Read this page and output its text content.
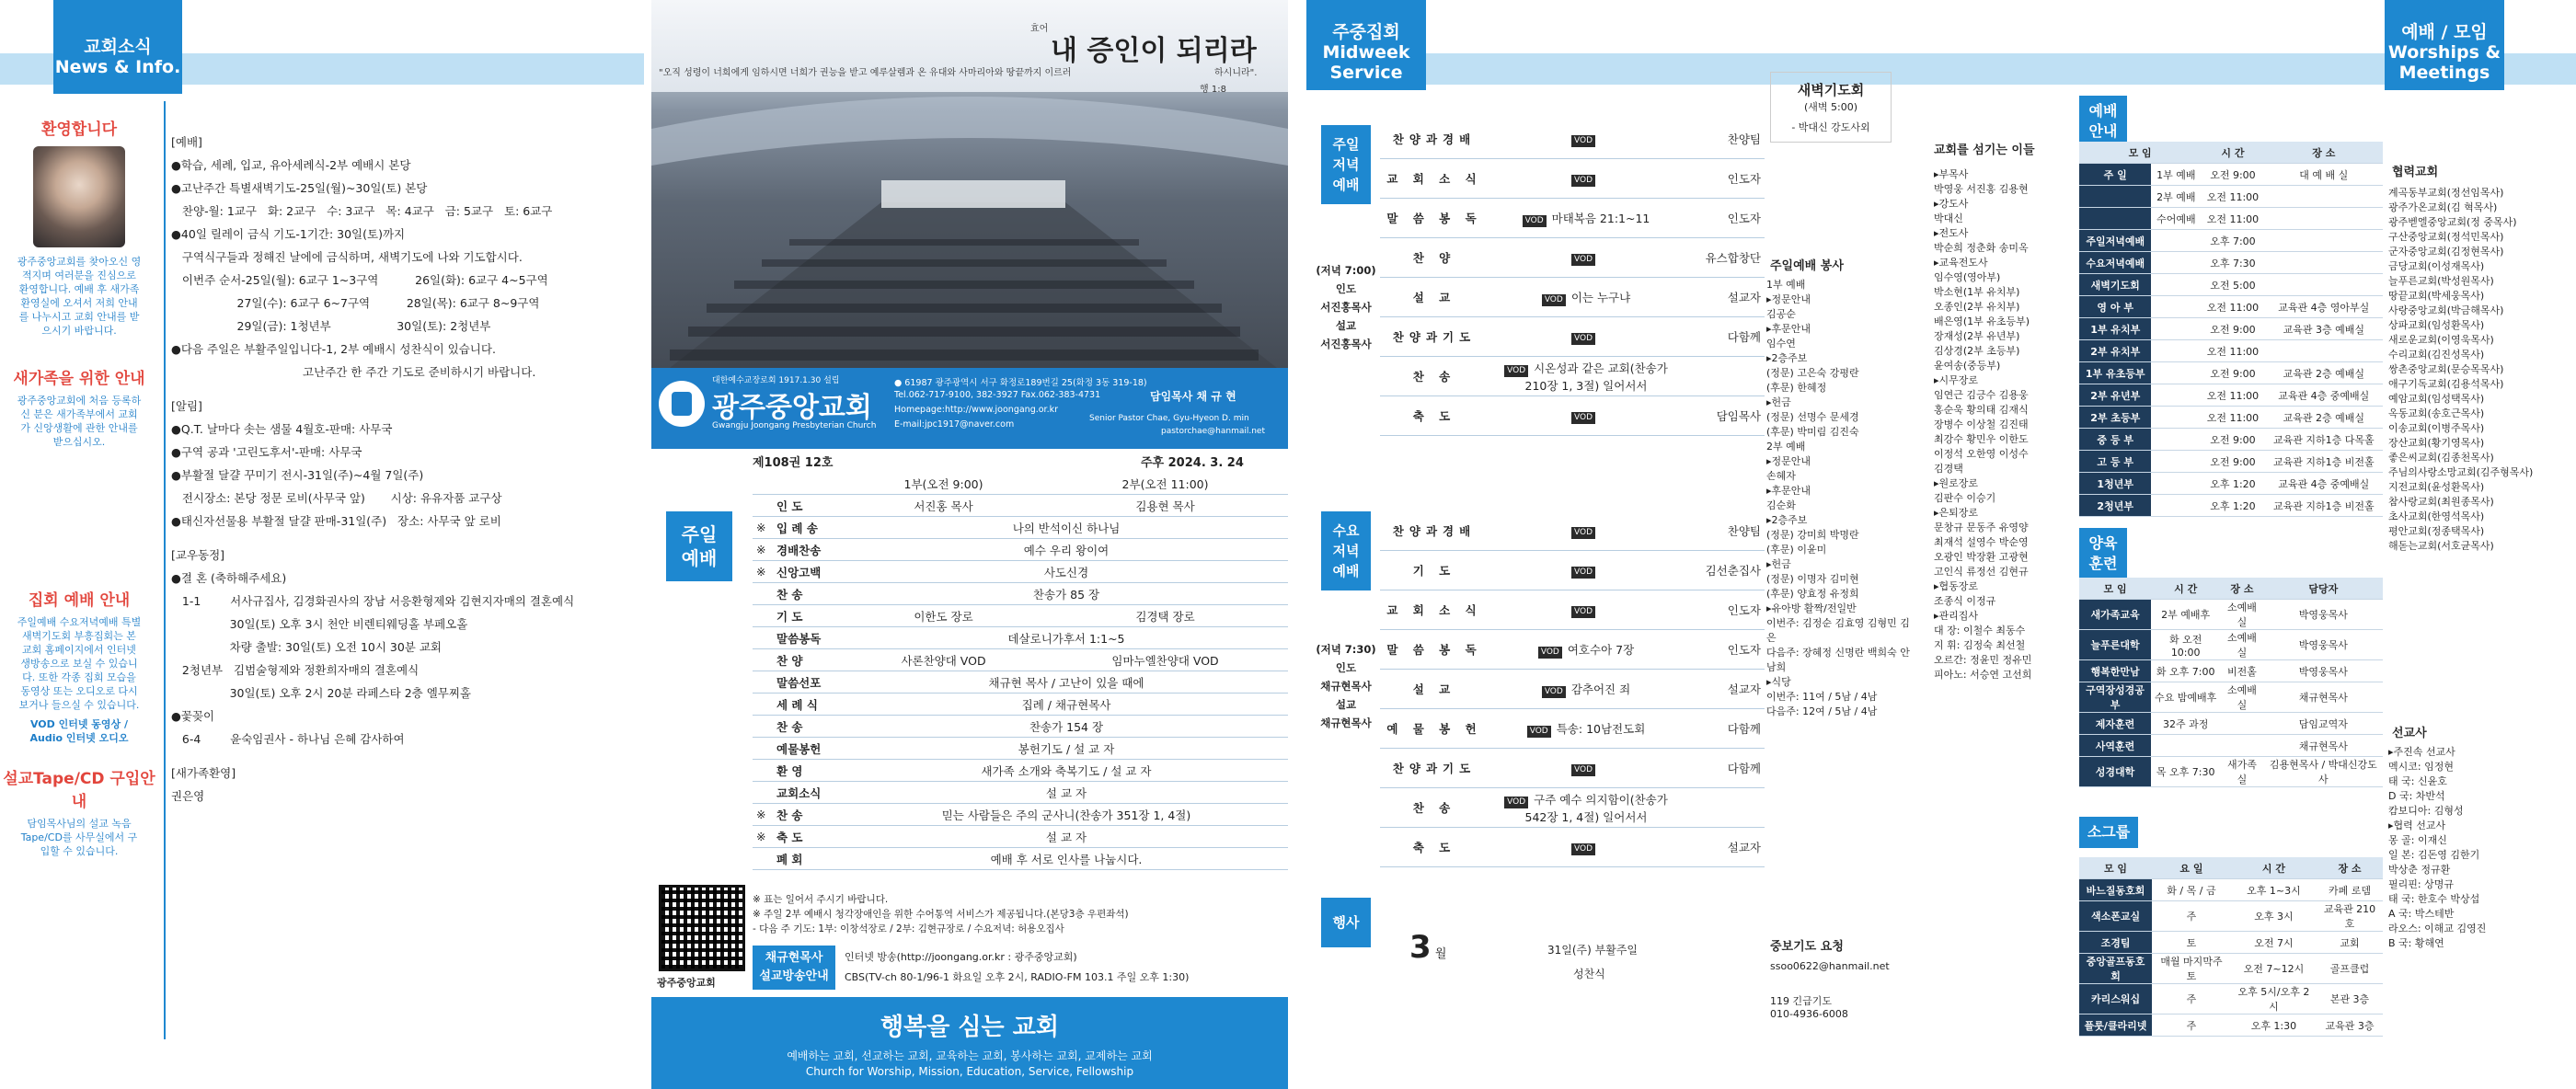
교회소식
News & Info.
환영합니다
광주중앙교회를 찾아오신 영적지며 여러분을 진심으로 환영합니다. 예배 후 새가족환영실에 오셔서 저희 안내를 나누시고 교회 안내를 받으시기 바랍니다.
새가족을 위한 안내
광주중앙교회에 처음 등록하신 분은 새가족부에서 교회가 신앙생활에 관한 안내를 받으십시오.
집회 예배 안내
주일예배 수요저녁예배 특별새벽기도회 부흥집회는 본 교회 홈페이지에서 인터넷 생방송으로 보실 수 있습니다. 또한 각종 집회 모습을 동영상 또는 오디오로 다시 보거나 들으실 수 있습니다.
VOD 인터넷 동영상 / Audio 인터넷 오디오
설교Tape/CD 구입안내
담임목사님의 설교 녹음 Tape/CD를 사무실에서 구입할 수 있습니다.
[예배]
●학습, 세례, 입교, 유아세례식-2부 예배시 본당
●고난주간 특별새벽기도-25일(월)~30일(토) 본당
찬양-월: 1교구   화: 2교구   수: 3교구   목: 4교구   금: 5교구   토: 6교구
●40일 릴레이 금식 기도-1기간: 30일(토)까지
구역식구들과 정해진 날에에 금식하며, 새벽기도에 나와 기도합시다.
이번주 순서-25일(월): 6교구 1~3구역          26일(화): 6교구 4~5구역
27일(수): 6교구 6~7구역          28일(목): 6교구 8~9구역
29일(금): 1청년부                  30일(토): 2청년부
●다음 주일은 부활주일입니다-1, 2부 예배시 성찬식이 있습니다.
고난주간 한 주간 기도로 준비하시기 바랍니다.
[알림]
●Q.T. 날마다 솟는 샘물 4월호-판매: 사무국
●구역 공과 '고린도후서'-판매: 사무국
●부활절 달걀 꾸미기 전시-31일(주)~4월 7일(주)
전시장소: 본당 정문 로비(사무국 앞)       시상: 유유자품 교구상
●태신자선물용 부활절 달걀 판매-31일(주)   장소: 사무국 앞 로비
[교우동정]
●결 혼 (축하해주세요)
1-1        서사규집사, 김경화권사의 장남 서응환형제와 김현지자매의 결혼예식
30일(토) 오후 3시 천안 비렌티웨딩홀 부페오홀
차량 출발: 30일(토) 오전 10시 30분 교회
2청년부   김범술형제와 정환희자매의 결혼예식
30일(토) 오후 2시 20분 라페스타 2층 엘무찌홀
●꽃꽂이
6-4        윤숙임권사 - 하나님 은혜 감사하여
[새가족환영]
권은영
효어
내 증인이 되리라
"오직 성령이 너희에게 임하시면 너희가 권능을 받고 예루살렘과 온 유대와 사마리아와 땅끝까지 이르러	하시니라".
행 1:8
대한예수교장로회 1917.1.30 설립
광주중앙교회
Gwangju Joongang Presbyterian Church
● 61987 광주광역시 서구 화정로189번길 25(화정 3동 319-18)
Tel.062-717-9100, 382-3927 Fax.062-383-4731
Homepage:http://www.joongang.or.kr
E-mail:jpc1917@naver.com
담임목사 채 규 현
Senior Pastor Chae, Gyu-Hyeon D. min
pastorchae@hanmail.net
주일
예배
제108권 12호	주후 2024. 3. 24
		1부(오전 9:00)	2부(오전 11:00)
	인 도	서진홍 목사	김용현 목사
※	입 례 송	나의 반석이신 하나님	
※	경배찬송	예수 우리 왕이여	
※	신앙고백	사도신경	
	찬 송	찬송가 85 장	
	기 도	이한도 장로	김경택 장로
	말씀봉독	데살로니가후서 1:1~5	
	찬 양	사론찬양대 VOD	임마누엘찬양대 VOD
	말씀선포	채규현 목사 / 고난이 있을 때에	
	세 례 식	집례 / 채규현목사	
	찬 송	찬송가 154 장	
	예물봉헌	봉헌기도 / 설 교 자	
	환 영	새가족 소개와 축복기도 / 설 교 자	
	교회소식	설 교 자	
※	찬 송	믿는 사람들은 주의 군사니(찬송가 351장 1, 4절)	
※	축 도	설 교 자	
	폐 회	예배 후 서로 인사를 나눕시다.	
※ 표는 일어서 주시기 바랍니다.
※ 주일 2부 예배시 청각장애인을 위한 수어통역 서비스가 제공됩니다.(본당3층 우편좌석)
- 다음 주 기도: 1부: 이창석장로 / 2부: 김현규장로 / 수요저녁: 허용오집사
광주중앙교회
채규현목사
설교방송안내
인터넷 방송(http://joongang.or.kr : 광주중앙교회)
CBS(TV-ch 80-1/96-1 화요일 오후 2시, RADIO-FM 103.1 주일 오후 1:30)
행복을 심는 교회
예배하는 교회, 선교하는 교회, 교육하는 교회, 봉사하는 교회, 교제하는 교회
Church for Worship, Mission, Education, Service, Fellowship
주중집회
Midweek
Service
주일
저녁
예배
(저녁 7:00)
인도
서진홍목사
설교
서진홍목사
찬양과경배	VOD	찬양팀
교 회 소 식	VOD	인도자
말 씀 봉 독	VOD 마태복음 21:1~11	인도자
찬 양	VOD	유스합창단
설 교	VOD 이는 누구냐	설교자
찬양과기도	VOD	다함께
찬 송	VOD 시온성과 같은 교회(찬송가 210장 1, 3절) 일어서서	
축 도	VOD	담임목사
수요
저녁
예배
(저녁 7:30)
인도
채규현목사
설교
채규현목사
찬양과경배	VOD	찬양팀
기 도	VOD	김선춘집사
교 회 소 식	VOD	인도자
말 씀 봉 독	VOD 여호수아 7장	인도자
설 교	VOD 감추어진 죄	설교자
예 물 봉 헌	VOD 특송: 10남전도회	다함께
찬양과기도	VOD	다함께
찬 송	VOD 구주 예수 의지함이(찬송가 542장 1, 4절) 일어서서	
축 도	VOD	설교자
행사
3 월	31일(주) 부활주일
성찬식
새벽기도회
(새벽 5:00)
- 박대신 강도사외
주일예배 봉사
1부 예배
▸정문안내
김공순
▸후문안내
임수연
▸2층주보
(정문) 고은숙 강평란
(후문) 한혜정
▸헌금
(정문) 선명수 문세경
(후문) 박미림 김진숙
2부 예배
▸정문안내
손혜자
▸후문안내
김순화
▸2층주보
(정문) 강미희 박명란
(후문) 이윤미
▸헌금
(정문) 이명자 김미현
(후문) 양효정 유정희
▸유아방 활짝/전일반
이번주: 김정순 김효영 김형민 김은
다음주: 장혜정 신명란 백희숙 안남희
▸식당
이번주: 11여 / 5남 / 4남
다음주: 12여 / 5남 / 4남
중보기도 요청
ssoo0622@hanmail.net
119 긴급기도
010-4936-6008
교회를 섬기는 이들
▸부목사
박영웅 서진홍 김용현
▸강도사
박대신
▸전도사
박순희 정춘화 송미옥
▸교육전도사
임수영(영아부)
박소현(1부 유치부)
오종인(2부 유치부)
배은영(1부 유초등부)
장재성(2부 유년부)
김상경(2부 초등부)
윤여송(중등부)
▸시무장로
임연근 김긍수 김용웅
홍순욱 황의태 김재식
장병수 이상철 김진태
최강수 황민우 이한도
이정석 오한영 이성수
김경택
▸원로장로
김판수 이승기
▸은퇴장로
문창규 문동주 유영양
최재석 설영수 박순영
오광인 박장환 고광현
고인식 류정선 김현규
▸협동장로
조종식 이정규
▸관리집사
대 장: 이철수 최동수
지 휘: 김정숙 최선철
오르간: 정윤민 정유민
피아노: 서승연 고선희
예배 / 모임
Worships &
Meetings
예배
안내
모 임		시 간	장 소
주 일	1부 예배	오전 9:00	대 예 배 실
	2부 예배	오전 11:00	
	수어예배	오전 11:00	
주일저녁예배		오후 7:00	
수요저녁예배		오후 7:30	
새벽기도회		오전 5:00	
영 아 부		오전 11:00	교육관 4층 영아부실
1부 유치부		오전 9:00	교육관 3층 예배실
2부 유치부		오전 11:00	
1부 유초등부		오전 9:00	교육관 2층 예배실
2부 유년부		오전 11:00	교육관 4층 중예배실
2부 초등부		오전 11:00	교육관 2층 예배실
중 등 부		오전 9:00	교육관 지하1층 다목홀
고 등 부		오전 9:00	교육관 지하1층 비전홀
1청년부		오후 1:20	교육관 4층 중예배실
2청년부		오후 1:20	교육관 지하1층 비전홀
양육
훈련
모 임	시 간	장 소	담당자
새가족교육	2부 예배후	소예배실	박영웅목사
늘푸른대학	화 오전 10:00	소예배실	박영웅목사
행복한만남	화 오후 7:00	비전홀	박영웅목사
구역장성경공부	수요 밤예배후	소예배실	채규현목사
제자훈련	32주 과정		담임교역자
사역훈련			채규현목사
성경대학	목 오후 7:30	새가족실	김용현목사 / 박대신강도사
소그룹
모 임	요 일	시 간	장 소
바느질동호회	화 / 목 / 금	오후 1~3시	카페 로뎀
색소폰교실	주	오후 3시	교육관 210호
조경팀	토	오전 7시	교회
중앙골프동호회	매월 마지막주 토	오전 7~12시	골프클럽
카리스워십	주	오후 5시/오후 2시	본관 3층
플룻/클라리넷	주	오후 1:30	교육관 3층
협력교회
계곡동부교회(정선임목사)
광주가온교회(김 혁목사)
광주벧엘중앙교회(정 중목사)
구산중앙교회(정석민목사)
군자중앙교회(김정현목사)
금당교회(이성재목사)
늘푸른교회(박성원목사)
땅끝교회(박세웅목사)
사랑중앙교회(박금해목사)
상파교회(임성환목사)
새로운교회(이영욱목사)
수리교회(김진성목사)
쌍촌중앙교회(문승목목사)
애구기독교회(김용석목사)
예암교회(임성택목사)
옥동교회(송호근목사)
이송교회(이병주목사)
장산교회(황기영목사)
좋은씨교회(김종천목사)
주님의사랑소망교회(김주형목사)
지전교회(윤성환목사)
참사랑교회(최원종목사)
초사교회(한영석목사)
평안교회(정종택목사)
해돋는교회(서호균목사)
선교사
▸주진속 선교사
멕시코: 임정현
태 국: 신윤호
D 국: 차반석
캄보디아: 김형성
▸협력 선교사
몽 골: 이재신
일 본: 김돈영 김한기
박상춘 정규환
필리핀: 상명규
태 국: 한호수 박상섭
A 국: 박스테반
라오스: 이해교 김영진
B 국: 황해연
